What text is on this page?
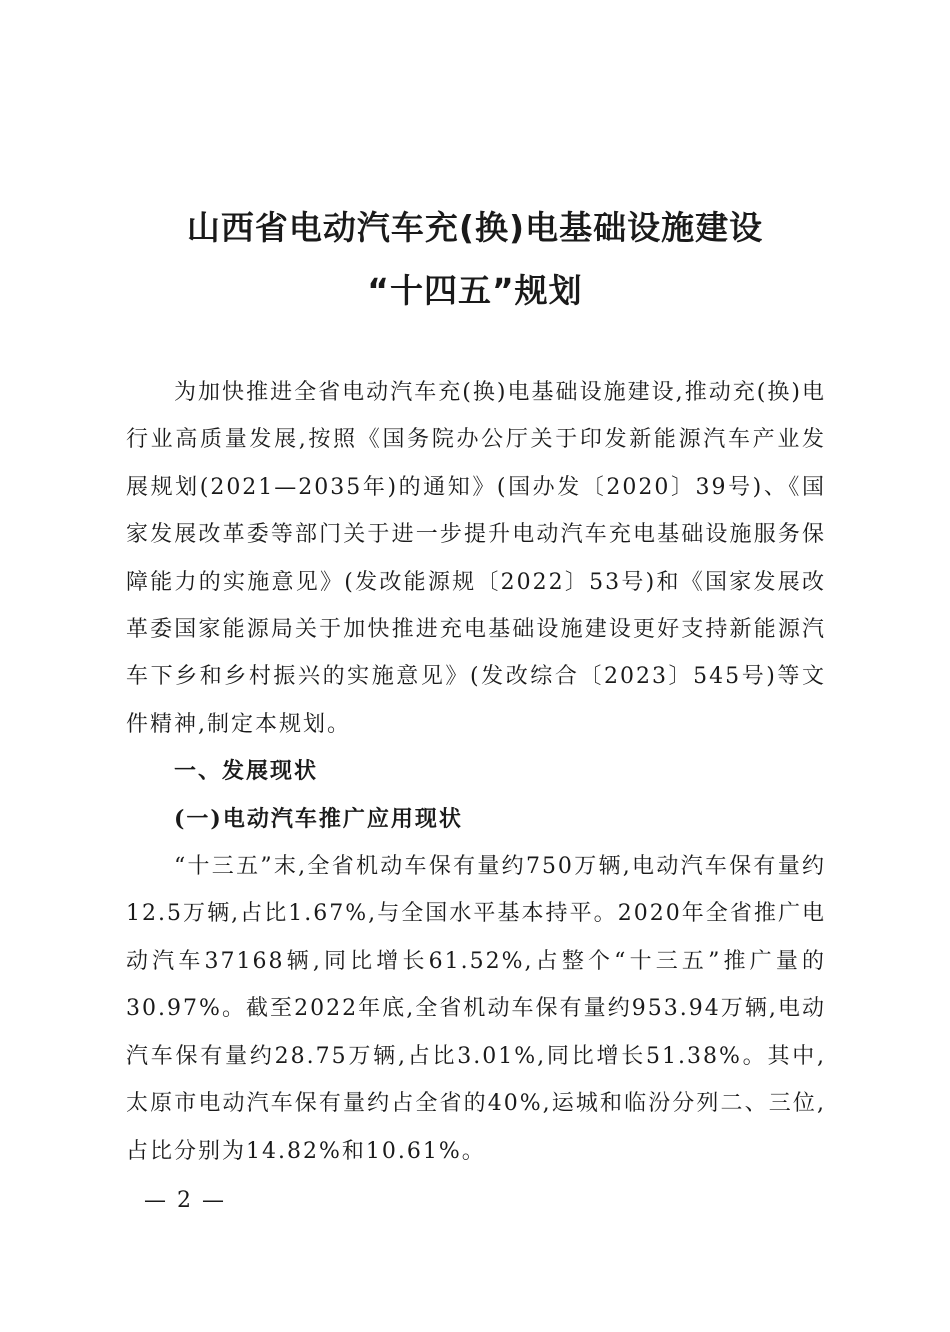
山西省电动汽车充(换)电基础设施建设
“十四五”规划

为加快推进全省电动汽车充(换)电基础设施建设,推动充(换)电行业高质量发展,按照《国务院办公厅关于印发新能源汽车产业发展规划(2021—2035年)的通知》(国办发〔2020〕39号)、《国家发展改革委等部门关于进一步提升电动汽车充电基础设施服务保障能力的实施意见》(发改能源规〔2022〕53号)和《国家发展改革委国家能源局关于加快推进充电基础设施建设更好支持新能源汽车下乡和乡村振兴的实施意见》(发改综合〔2023〕545号)等文件精神,制定本规划。

一、发展现状

(一)电动汽车推广应用现状

“十三五”末,全省机动车保有量约750万辆,电动汽车保有量约12.5万辆,占比1.67%,与全国水平基本持平。2020年全省推广电动汽车37168辆,同比增长61.52%,占整个“十三五”推广量的30.97%。截至2022年底,全省机动车保有量约953.94万辆,电动汽车保有量约28.75万辆,占比3.01%,同比增长51.38%。其中,太原市电动汽车保有量约占全省的40%,运城和临汾分列二、三位,占比分别为14.82%和10.61%。

— 2 —
